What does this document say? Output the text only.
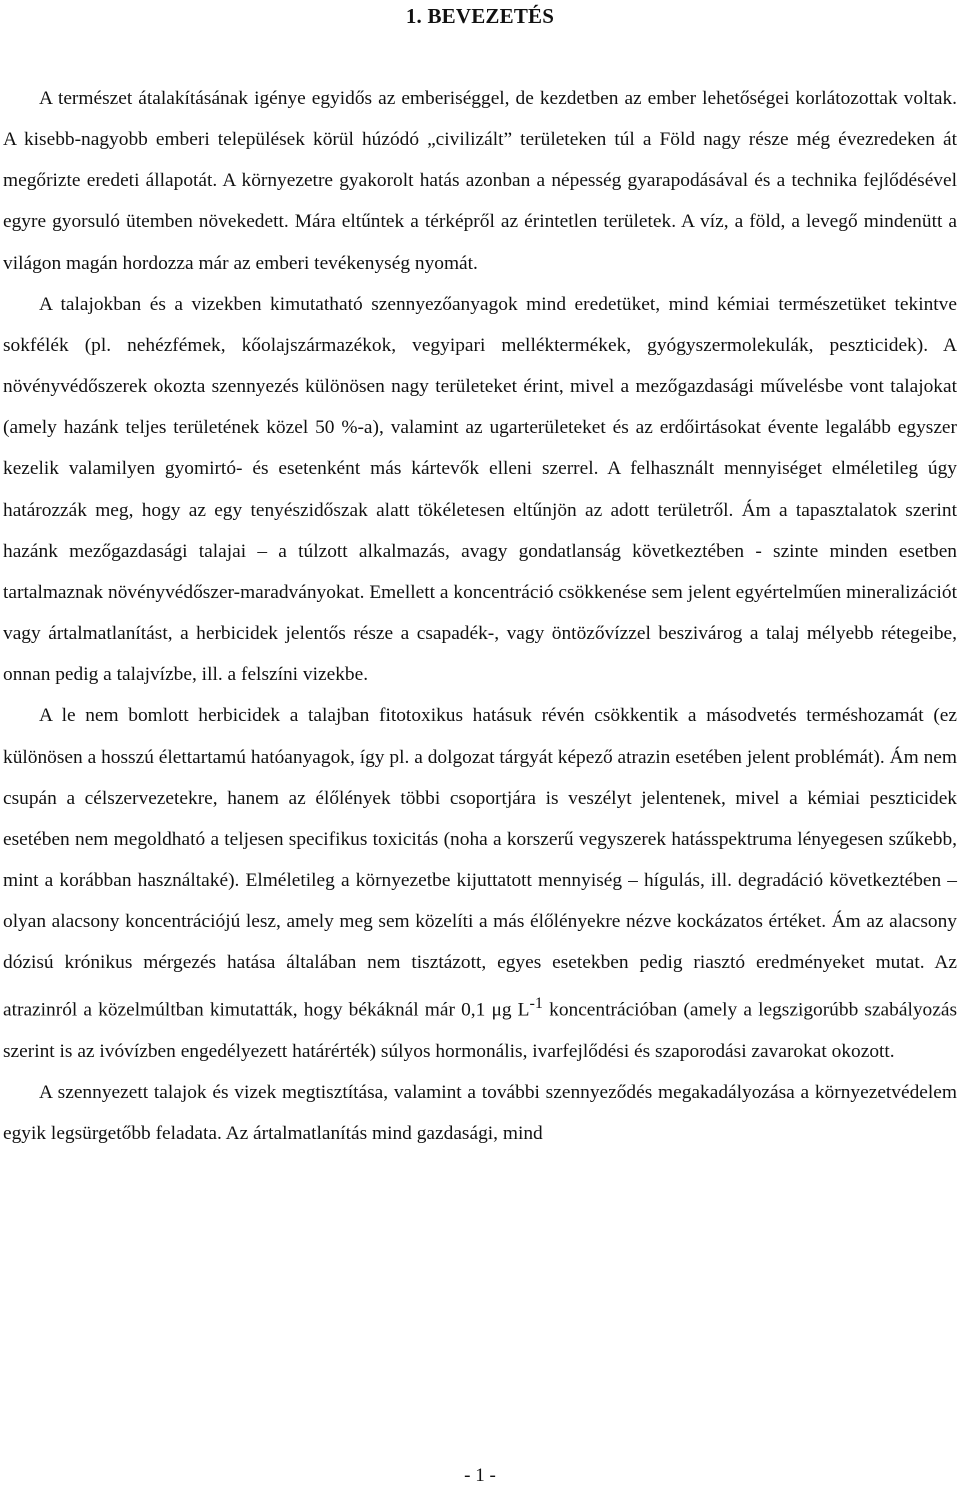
1. BEVEZETÉS

A természet átalakításának igénye egyidős az emberiséggel, de kezdetben az ember lehetőségei korlátozottak voltak. A kisebb-nagyobb emberi települések körül húzódó „civilizált” területeken túl a Föld nagy része még évezredeken át megőrizte eredeti állapotát. A környezetre gyakorolt hatás azonban a népesség gyarapodásával és a technika fejlődésével egyre gyorsuló ütemben növekedett. Mára eltűntek a térképről az érintetlen területek. A víz, a föld, a levegő mindenütt a világon magán hordozza már az emberi tevékenység nyomát.

A talajokban és a vizekben kimutatható szennyezőanyagok mind eredetüket, mind kémiai természetüket tekintve sokfélék (pl. nehézfémek, kőolajszármazékok, vegyipari melléktermékek, gyógyszermolekulák, peszticidek). A növényvédőszerek okozta szennyezés különösen nagy területeket érint, mivel a mezőgazdasági művelésbe vont talajokat (amely hazánk teljes területének közel 50 %-a), valamint az ugarterületeket és az erdőirtásokat évente legalább egyszer kezelik valamilyen gyomirtó- és esetenként más kártevők elleni szerrel. A felhasznált mennyiséget elméletileg úgy határozzák meg, hogy az egy tenyészidőszak alatt tökéletesen eltűnjön az adott területről. Ám a tapasztalatok szerint hazánk mezőgazdasági talajai – a túlzott alkalmazás, avagy gondatlanság következtében - szinte minden esetben tartalmaznak növényvédőszer-maradványokat. Emellett a koncentráció csökkenése sem jelent egyértelműen mineralizációt vagy ártalmatlanítást, a herbicidek jelentős része a csapadék-, vagy öntözővízzel beszivárog a talaj mélyebb rétegeibe, onnan pedig a talajvízbe, ill. a felszíni vizekbe.

A le nem bomlott herbicidek a talajban fitotoxikus hatásuk révén csökkentik a másodvetés terméshozamát (ez különösen a hosszú élettartamú hatóanyagok, így pl. a dolgozat tárgyát képező atrazin esetében jelent problémát). Ám nem csupán a célszervezetekre, hanem az élőlények többi csoportjára is veszélyt jelentenek, mivel a kémiai peszticidek esetében nem megoldható a teljesen specifikus toxicitás (noha a korszerű vegyszerek hatásspektruma lényegesen szűkebb, mint a korábban használtaké). Elméletileg a környezetbe kijuttatott mennyiség – hígulás, ill. degradáció következtében – olyan alacsony koncentrációjú lesz, amely meg sem közelíti a más élőlényekre nézve kockázatos értéket. Ám az alacsony dózisú krónikus mérgezés hatása általában nem tisztázott, egyes esetekben pedig riasztó eredményeket mutat. Az atrazinról a közelmúltban kimutatták, hogy békáknál már 0,1 μg $L^{-1}$ koncentrációban (amely a legszigorúbb szabályozás szerint is az ivóvízben engedélyezett határérték) súlyos hormonális, ivarfejlődési és szaporodási zavarokat okozott.

A szennyezett talajok és vizek megtisztítása, valamint a további szennyeződés megakadályozása a környezetvédelem egyik legsürgetőbb feladata. Az ártalmatlanítás mind gazdasági, mind

- 1 -
